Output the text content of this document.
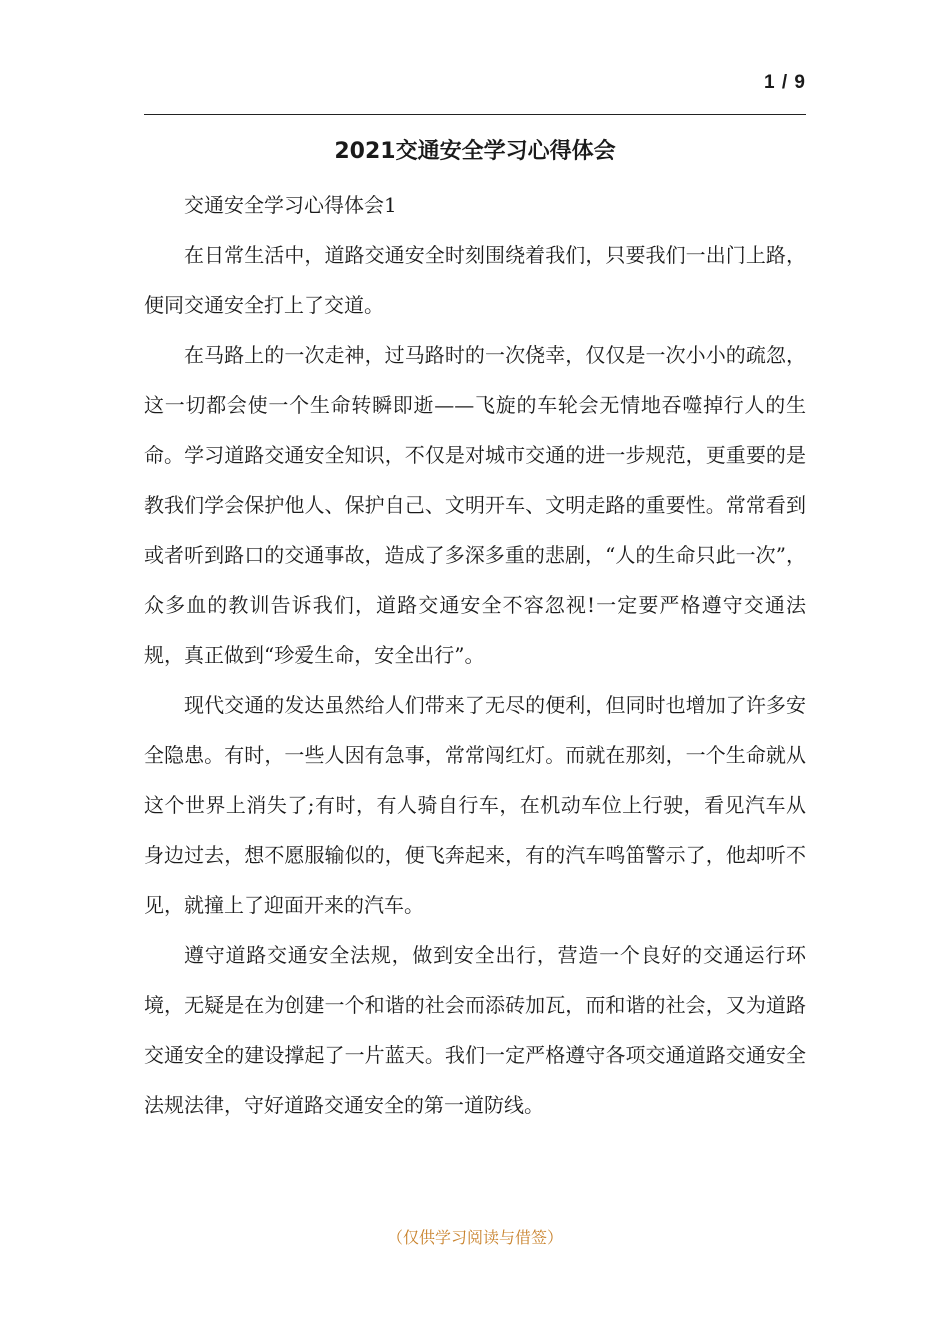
1 / 9
2021交通安全学习心得体会

交通安全学习心得体会1

在日常生活中，道路交通安全时刻围绕着我们，只要我们一出门上路，便同交通安全打上了交道。

在马路上的一次走神，过马路时的一次侥幸，仅仅是一次小小的疏忽，这一切都会使一个生命转瞬即逝——飞旋的车轮会无情地吞噬掉行人的生命。学习道路交通安全知识，不仅是对城市交通的进一步规范，更重要的是教我们学会保护他人、保护自己、文明开车、文明走路的重要性。常常看到或者听到路口的交通事故，造成了多深多重的悲剧，“人的生命只此一次”，众多血的教训告诉我们，道路交通安全不容忽视!一定要严格遵守交通法规，真正做到“珍爱生命，安全出行”。

现代交通的发达虽然给人们带来了无尽的便利，但同时也增加了许多安全隐患。有时，一些人因有急事，常常闯红灯。而就在那刻，一个生命就从这个世界上消失了;有时，有人骑自行车，在机动车位上行驶，看见汽车从身边过去，想不愿服输似的，便飞奔起来，有的汽车鸣笛警示了，他却听不见，就撞上了迎面开来的汽车。

遵守道路交通安全法规，做到安全出行，营造一个良好的交通运行环境，无疑是在为创建一个和谐的社会而添砖加瓦，而和谐的社会，又为道路交通安全的建设撑起了一片蓝天。我们一定严格遵守各项交通道路交通安全法规法律，守好道路交通安全的第一道防线。

（仅供学习阅读与借签）
